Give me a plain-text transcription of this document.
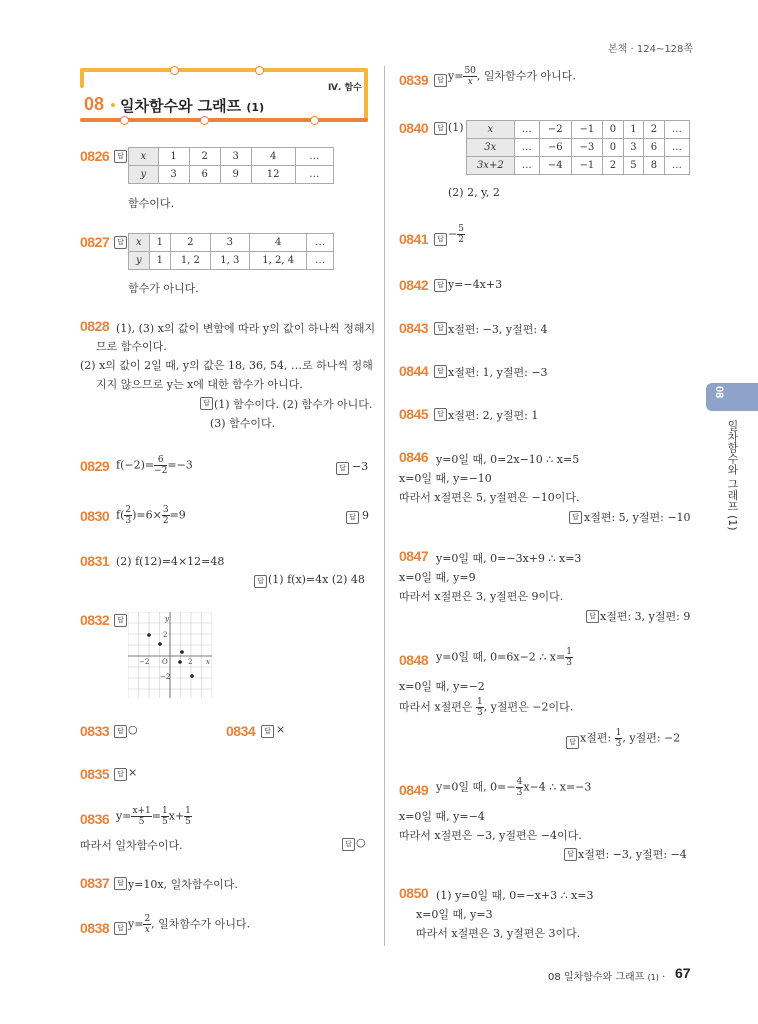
본책 · 124~128쪽
Ⅳ. 함수
08 일차함수와 그래프 (1)
0826	답	x	1	2	3	4	…
y	3	6	9	12	…
함수이다.
0827	답	x	1	2	3	4	…
y	1	1, 2	1, 3	1, 2, 4	…
함수가 아니다.
0828 (1), (3) x의 값이 변함에 따라 y의 값이 하나씩 정해지
므로 함수이다.
(2) x의 값이 2일 때, y의 값은 18, 36, 54, …로 하나씩 정해
지지 않으므로 y는 x에 대한 함수가 아니다.
답 (1) 함수이다. (2) 함수가 아니다.
(3) 함수이다.
0829 $f(-2)= \frac{6}{-2} =-3$	답 −3
0830 $f( \frac{2}{3} )=6\times \frac{3}{2} =9$	답 9
0831 (2) f(12)=4×12=48
답 (1) f(x)=4x (2) 48
0832	답	y
2
−2 O	2 x
−2
0833	답 ○	0834	답 ×
0835	답 ×
0836 $y= \frac{x+1}{5} = \frac{1}{5} x+ \frac{1}{5}$
따라서 일차함수이다.	답 ○
0837	답 y=10x, 일차함수이다.
0838	답 $y= \frac{2}{x}$ , 일차함수가 아니다.
0839	답 $y= \frac{50}{x}$ , 일차함수가 아니다.
0840	답 (1) x	…	−2	−1	0	1	2	…
3x	…	−6	−3	0	3	6	…
3x+2	…	−4	−1	2	5	8	…
(2) 2, y, 2
0841	답 − $\frac{5}{2}$
0842	답 y=−4x+3
0843	답 x절편: −3, y절편: 4
0844	답 x절편: 1, y절편: −3
0845	답 x절편: 2, y절편: 1
0846 y=0일 때, 0=2x−10 ∴ x=5
x=0일 때, y=−10
따라서 x절편은 5, y절편은 −10이다.
답 x절편: 5, y절편: −10
0847 y=0일 때, 0=−3x+9 ∴ x=3
x=0일 때, y=9
따라서 x절편은 3, y절편은 9이다.
답 x절편: 3, y절편: 9
0848 y=0일 때, 0=6x−2 ∴ $x= \frac{1}{3}$
x=0일 때, y=−2
따라서 x절편은 $\frac{1}{3}$ , y절편은 −2이다.
답 x절편: $\frac{1}{3}$ , y절편: −2
0849 y=0일 때, $0=- \frac{4}{3} x-4$ ∴ x=−3
x=0일 때, y=−4
따라서 x절편은 −3, y절편은 −4이다.
답 x절편: −3, y절편: −4
0850 (1) y=0일 때, 0=−x+3 ∴ x=3
x=0일 때, y=3
따라서 x절편은 3, y절편은 3이다.
08
일차함수와 그래프 (1)
08 일차함수와 그래프 (1) · 67
